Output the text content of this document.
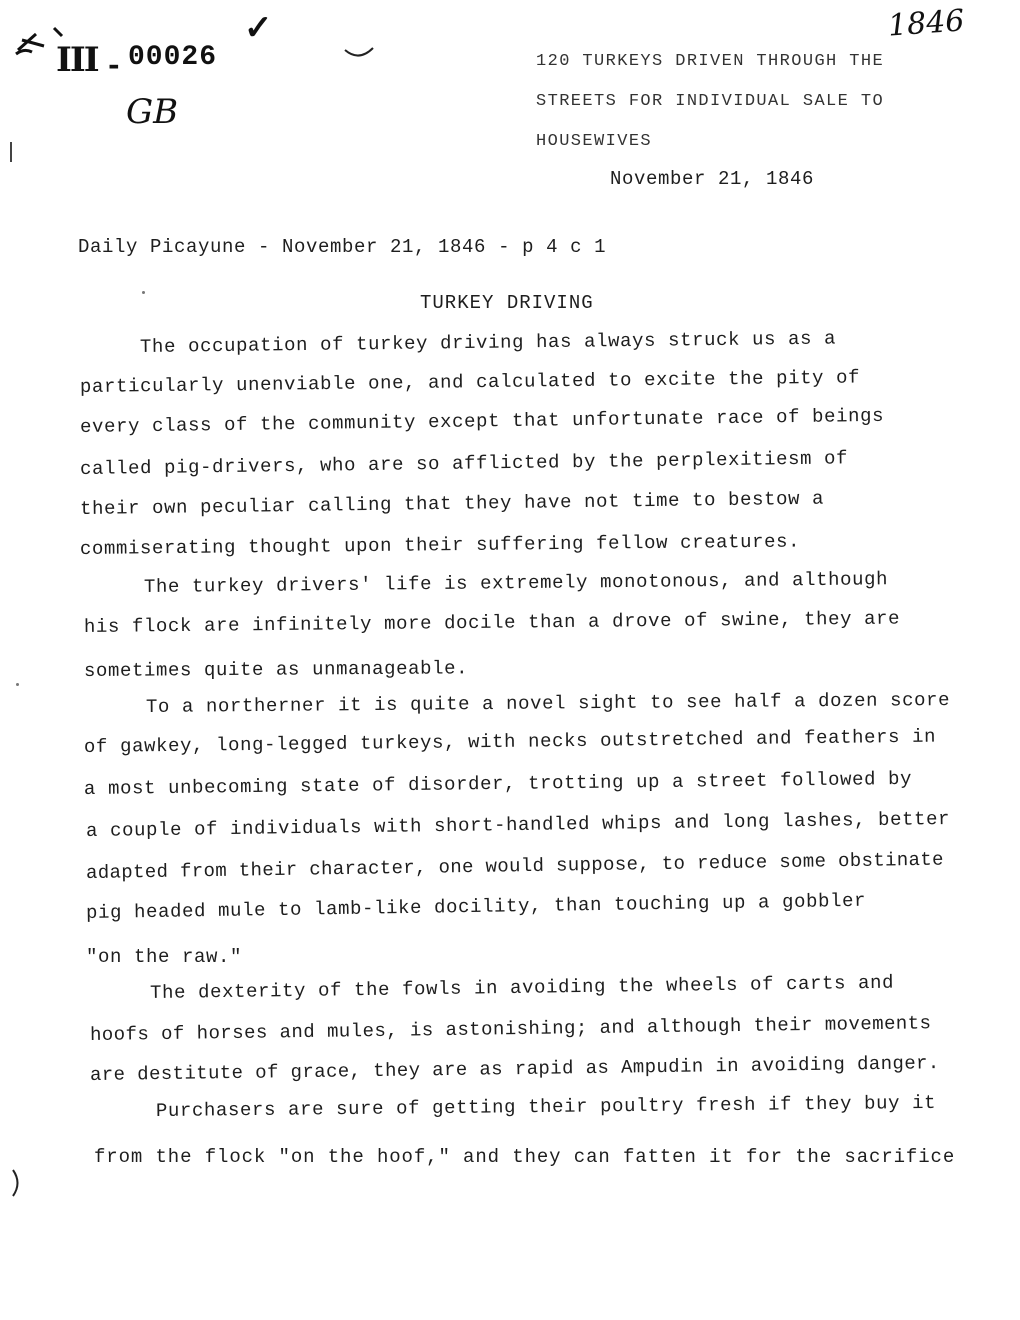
III - 00026
GB
✓	1846
120 TURKEYS DRIVEN THROUGH THE
STREETS FOR INDIVIDUAL SALE TO
HOUSEWIVES
November 21, 1846
Daily Picayune - November 21, 1846 - p 4 c 1
TURKEY DRIVING
The occupation of turkey driving has always struck us as a
particularly unenviable one, and calculated to excite the pity of
every class of the community except that unfortunate race of beings
called pig-drivers, who are so afflicted by the perplexitiesm of
their own peculiar calling that they have not time to bestow a
commiserating thought upon their suffering fellow creatures.
The turkey drivers' life is extremely monotonous, and although
his flock are infinitely more docile than a drove of swine, they are
sometimes quite as unmanageable.
To a northerner it is quite a novel sight to see half a dozen score
of gawkey, long-legged turkeys, with necks outstretched and feathers in
a most unbecoming state of disorder, trotting up a street followed by
a couple of individuals with short-handled whips and long lashes, better
adapted from their character, one would suppose, to reduce some obstinate
pig headed mule to lamb-like docility, than touching up a gobbler
"on the raw."
The dexterity of the fowls in avoiding the wheels of carts and
hoofs of horses and mules, is astonishing; and although their movements
are destitute of grace, they are as rapid as Ampudin in avoiding danger.
Purchasers are sure of getting their poultry fresh if they buy it
from the flock "on the hoof," and they can fatten it for the sacrifice
